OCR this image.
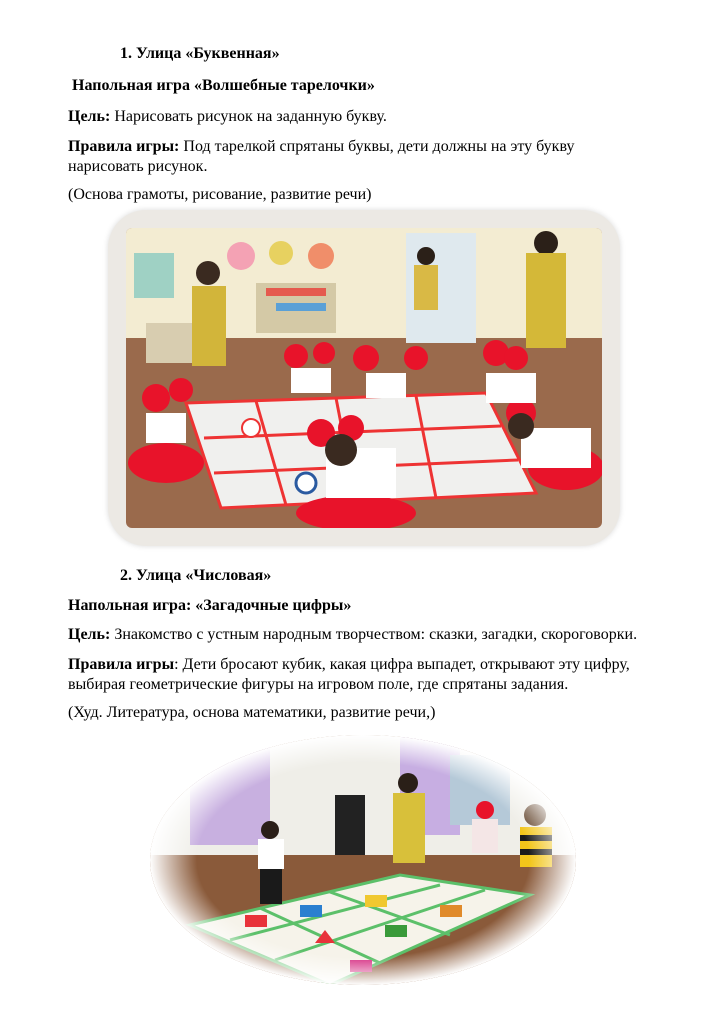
1. Улица «Буквенная»
Напольная игра «Волшебные тарелочки»
Цель: Нарисовать рисунок на заданную букву.
Правила игры: Под тарелкой спрятаны буквы, дети должны на эту букву
нарисовать рисунок.
(Основа грамоты, рисование, развитие речи)
2. Улица «Числовая»
Напольная игра: «Загадочные цифры»
Цель: Знакомство с устным народным творчеством: сказки, загадки, скороговорки.
Правила игры: Дети бросают кубик, какая цифра выпадет, открывают эту цифру,
выбирая геометрические фигуры на игровом поле, где спрятаны задания.
(Худ. Литература, основа математики, развитие речи,)
